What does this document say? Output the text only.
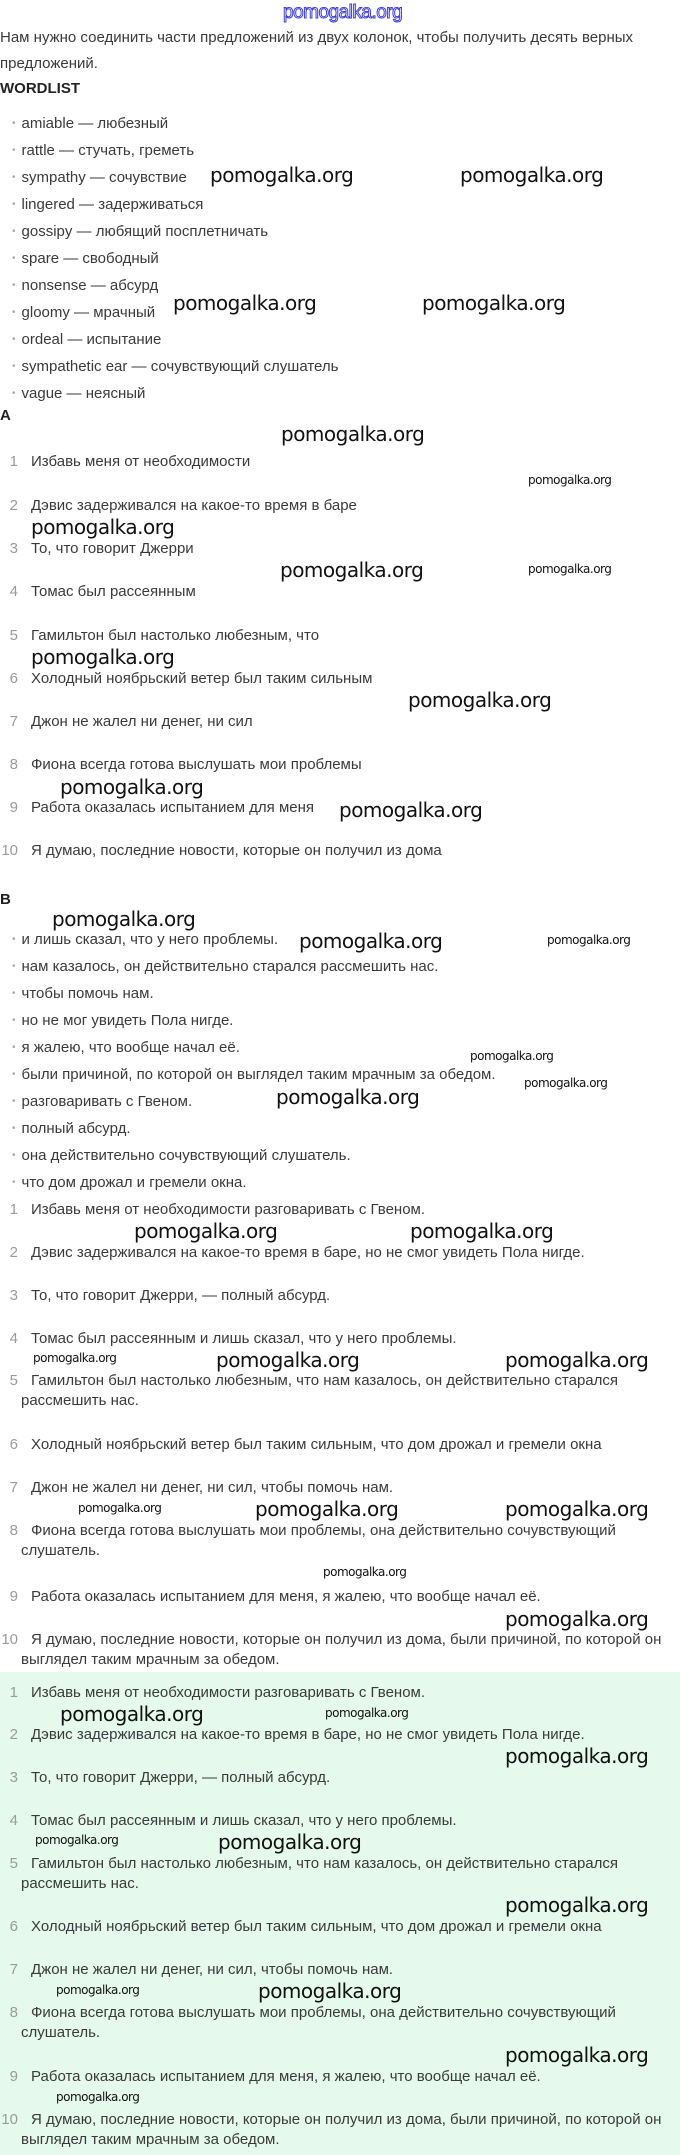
pomogalka.org
Нам нужно соединить части предложений из двух колонок, чтобы получить десять верных предложений.
WORDLIST
• amiable — любезный
• rattle — стучать, греметь
• sympathy — сочувствие
• lingered — задерживаться
• gossipy — любящий посплетничать
• spare — свободный
• nonsense — абсурд
• gloomy — мрачный
• ordeal — испытание
• sympathetic ear — сочувствующий слушатель
• vague — неясный
A
1 Избавь меня от необходимости
2 Дэвис задерживался на какое-то время в баре
3 То, что говорит Джерри
4 Томас был рассеянным
5 Гамильтон был настолько любезным, что
6 Холодный ноябрьский ветер был таким сильным
7 Джон не жалел ни денег, ни сил
8 Фиона всегда готова выслушать мои проблемы
9 Работа оказалась испытанием для меня
10 Я думаю, последние новости, которые он получил из дома
B
• и лишь сказал, что у него проблемы.
• нам казалось, он действительно старался рассмешить нас.
• чтобы помочь нам.
• но не мог увидеть Пола нигде.
• я жалею, что вообще начал её.
• были причиной, по которой он выглядел таким мрачным за обедом.
• разговаривать с Гвеном.
• полный абсурд.
• она действительно сочувствующий слушатель.
• что дом дрожал и гремели окна.
1 Избавь меня от необходимости разговаривать с Гвеном.
2 Дэвис задерживался на какое-то время в баре, но не смог увидеть Пола нигде.
3 То, что говорит Джерри, — полный абсурд.
4 Томас был рассеянным и лишь сказал, что у него проблемы.
5 Гамильтон был настолько любезным, что нам казалось, он действительно старался рассмешить нас.
6 Холодный ноябрьский ветер был таким сильным, что дом дрожал и гремели окна
7 Джон не жалел ни денег, ни сил, чтобы помочь нам.
8 Фиона всегда готова выслушать мои проблемы, она действительно сочувствующий слушатель.
9 Работа оказалась испытанием для меня, я жалею, что вообще начал её.
10 Я думаю, последние новости, которые он получил из дома, были причиной, по которой он выглядел таким мрачным за обедом.
1 Избавь меня от необходимости разговаривать с Гвеном.
2 Дэвис задерживался на какое-то время в баре, но не смог увидеть Пола нигде.
3 То, что говорит Джерри, — полный абсурд.
4 Томас был рассеянным и лишь сказал, что у него проблемы.
5 Гамильтон был настолько любезным, что нам казалось, он действительно старался рассмешить нас.
6 Холодный ноябрьский ветер был таким сильным, что дом дрожал и гремели окна
7 Джон не жалел ни денег, ни сил, чтобы помочь нам.
8 Фиона всегда готова выслушать мои проблемы, она действительно сочувствующий слушатель.
9 Работа оказалась испытанием для меня, я жалею, что вообще начал её.
10 Я думаю, последние новости, которые он получил из дома, были причиной, по которой он выглядел таким мрачным за обедом.
pomogalka.org	pomogalka.org
pomogalka.org	pomogalka.org
pomogalka.org
pomogalka.org
pomogalka.org
pomogalka.org	pomogalka.org
pomogalka.org
pomogalka.org
pomogalka.org
pomogalka.org
pomogalka.org
pomogalka.org	pomogalka.org
pomogalka.org
pomogalka.org
pomogalka.org
pomogalka.org	pomogalka.org
pomogalka.org	pomogalka.org	pomogalka.org
pomogalka.org	pomogalka.org	pomogalka.org
pomogalka.org
pomogalka.org
pomogalka.org	pomogalka.org
pomogalka.org
pomogalka.org	pomogalka.org
pomogalka.org
pomogalka.org	pomogalka.org
pomogalka.org
pomogalka.org
